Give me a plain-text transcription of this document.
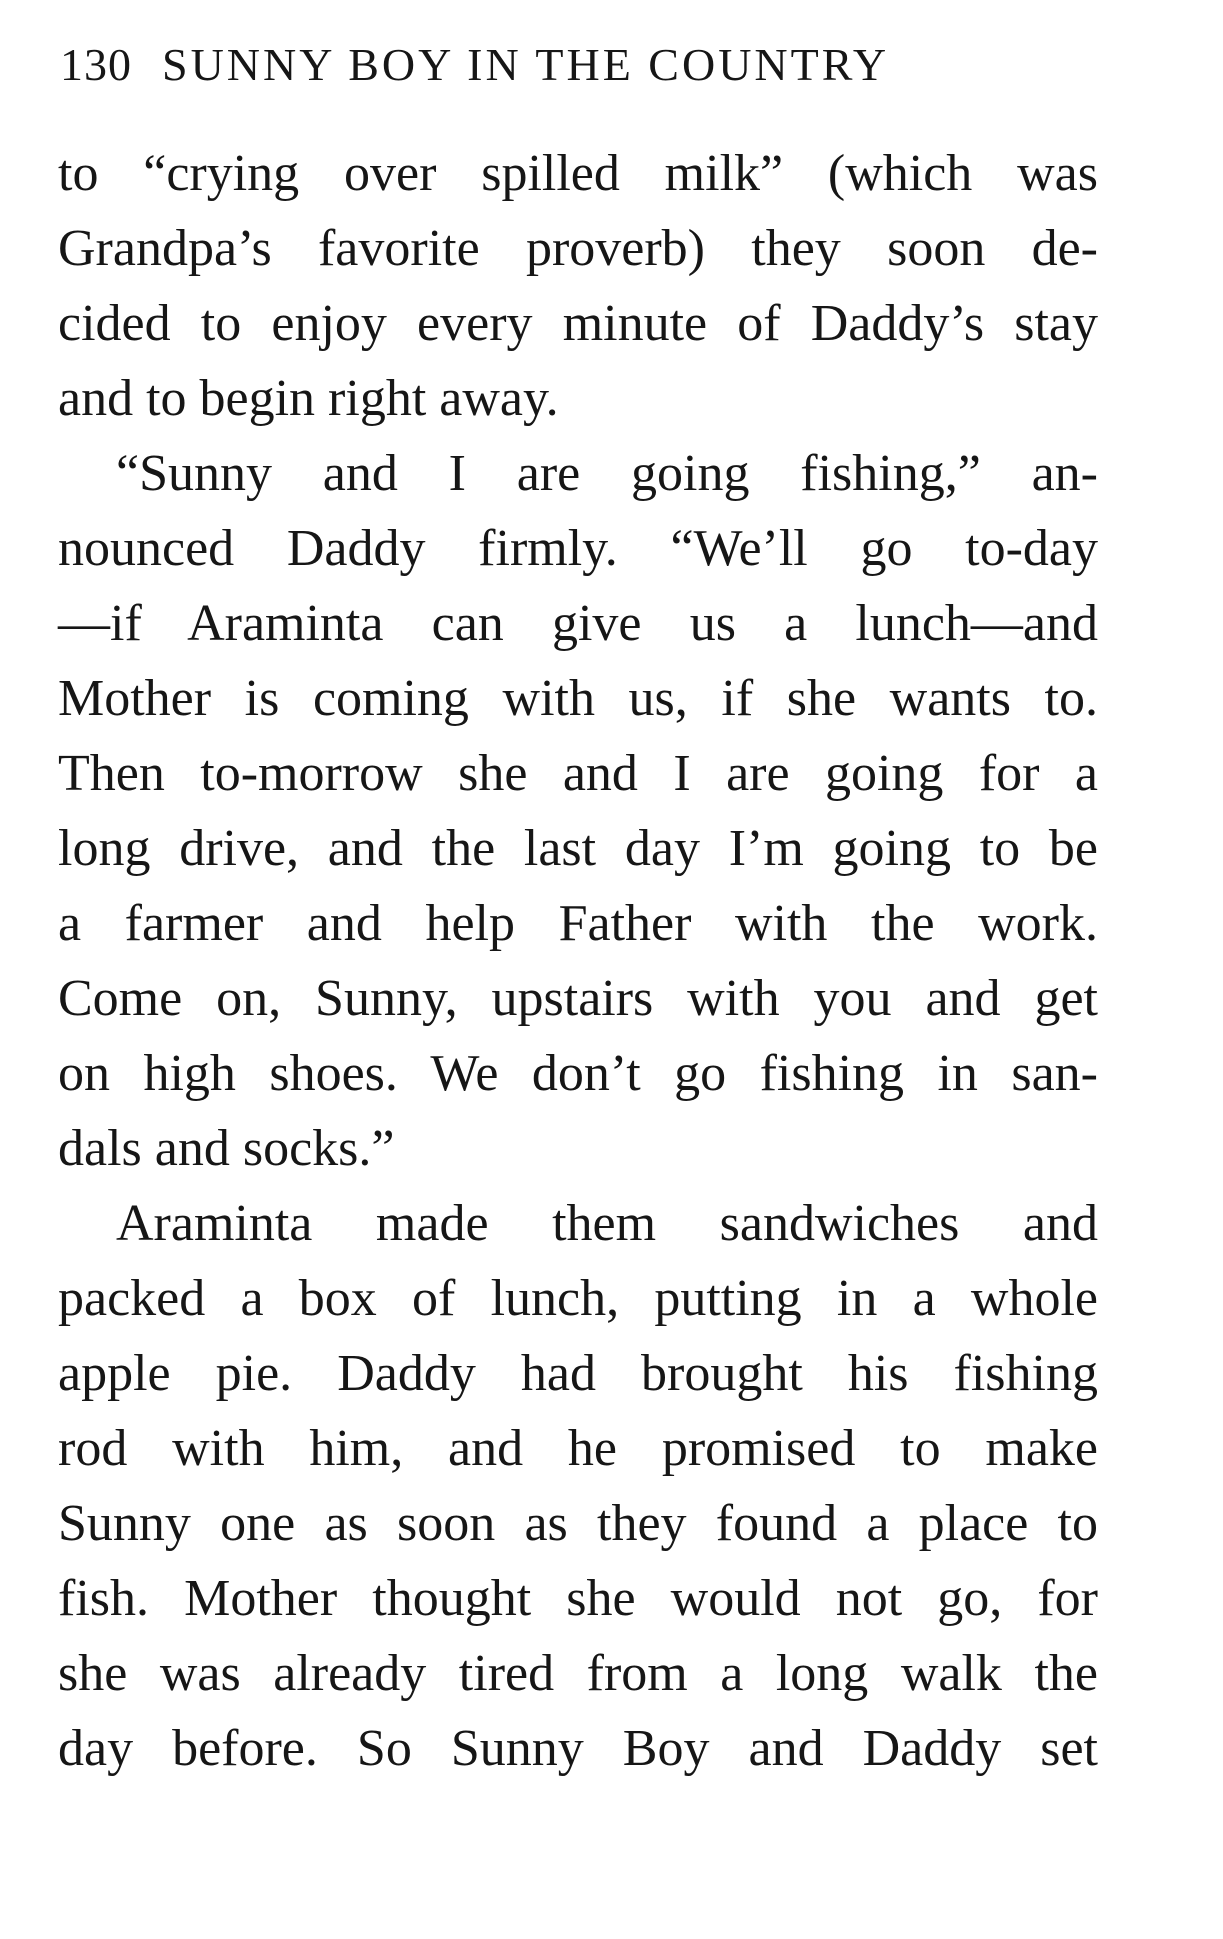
130 SUNNY BOY IN THE COUNTRY
to “crying over spilled milk” (which was
Grandpa’s favorite proverb) they soon de-
cided to enjoy every minute of Daddy’s stay
and to begin right away.
“Sunny and I are going fishing,” an-
nounced Daddy firmly. “We’ll go to-day
—if Araminta can give us a lunch—and
Mother is coming with us, if she wants to.
Then to-morrow she and I are going for a
long drive, and the last day I’m going to be
a farmer and help Father with the work.
Come on, Sunny, upstairs with you and get
on high shoes. We don’t go fishing in san-
dals and socks.”
Araminta made them sandwiches and
packed a box of lunch, putting in a whole
apple pie. Daddy had brought his fishing
rod with him, and he promised to make
Sunny one as soon as they found a place to
fish. Mother thought she would not go, for
she was already tired from a long walk the
day before. So Sunny Boy and Daddy set
